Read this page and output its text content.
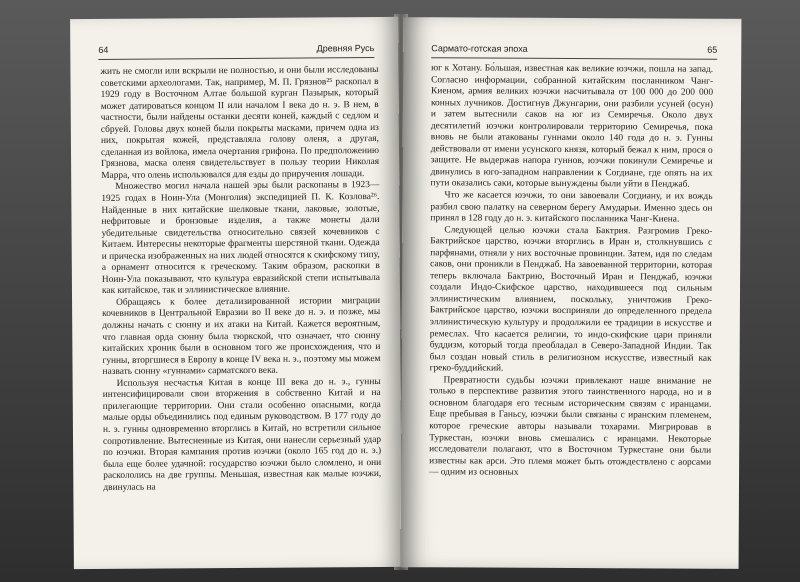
64	Древняя Русь

жить не смогли или вскрыли не полностью, и они были исследованы советскими археологами. Так, например, М. П. Грязнов²⁵ раскопал в 1929 году в Восточном Алтае большой курган Пазырык, который может датироваться концом II или началом I века до н. э. В нем, в частности, были найдены останки десяти коней, каждый с седлом и сбруей. Головы двух коней были покрыты масками, причем одна из них, покрытая кожей, представляла голову оленя, а другая, сделанная из войлока, имела очертания грифона. По предположению Грязнова, маска оленя свидетельствует в пользу теории Николая Марра, что олень использовался для езды до приручения лошади.

Множество могил начала нашей эры были раскопаны в 1923—1925 годах в Ноин-Ула (Монголия) экспедицией П. К. Козлова²⁶. Найденные в них китайские шелковые ткани, лаковые, золотые, нефритовые и бронзовые изделия, а также монеты дали убедительные свидетельства относительно связей кочевников с Китаем. Интересны некоторые фрагменты шерстяной ткани. Одежда и прическа изображенных на них людей относятся к скифскому типу, а орнамент относится к греческому. Таким образом, раскопки в Ноин-Ула показывают, что культура евразийской степи испытывала как китайское, так и эллинистическое влияние.

Обращаясь к более детализированной истории миграции кочевников в Центральной Евразии во II веке до н. э. и позже, мы должны начать с сюнну и их атаки на Китай. Кажется вероятным, что главная орда сюнну была тюркской, что означает, что сюнну китайских хроник были в основном того же происхождения, что и гунны, вторгшиеся в Европу в конце IV века н. э., поэтому мы можем назвать сюнну «гуннами» сарматского века.

Используя несчастья Китая в конце III века до н. э., гунны интенсифицировали свои вторжения в собственно Китай и на прилегающие территории. Они стали особенно опасными, когда малые орды объединились под единым руководством. В 177 году до н. э. гунны одновременно вторглись в Китай, но встретили сильное сопротивление. Вытесненные из Китая, они нанесли серьезный удар по юэчжи. Вторая кампания против юэчжи (около 165 год до н. э.) была еще более удачной: государство юэчжи было сломлено, и они раскололись на две группы. Меньшая, известная как малые юэчжи, двинулась на

Сармато-готская эпоха	65

юг к Хотану. Бо́льшая, известная как великие юэчжи, пошла на запад. Согласно информации, собранной китайским посланником Чанг-Киеном, армия великих юэчжи насчитывала от 100 000 до 200 000 конных лучников. Достигнув Джунгарии, они разбили усуней (осун) и затем вытеснили саков на юг из Семиречья. Около двух десятилетий юэчжи контролировали территорию Семиречья, пока вновь не были атакованы гуннами около 140 года до н. э. Гунны действовали от имени усунского князя, который бежал к ним, прося о защите. Не выдержав напора гуннов, юэчжи покинули Семиречье и двинулись в юго-западном направлении к Согдиане, где опять на их пути оказались саки, которые вынуждены были уйти в Пенджаб.

Что же касается юэчжи, то они завоевали Согдиану, и их вождь разбил свою палатку на северном берегу Амударьи. Именно здесь он принял в 128 году до н. э. китайского посланника Чанг-Киена.

Следующей целью юэчжи стала Бактрия. Разгромив Греко-Бактрийское царство, юэчжи вторглись в Иран и, столкнувшись с парфянами, отняли у них восточные провинции. Затем, идя по следам саков, они проникли в Пенджаб. На завоеванной территории, которая теперь включала Бактрию, Восточный Иран и Пенджаб, юэчжи создали Индо-Скифское царство, находившееся под сильным эллинистическим влиянием, поскольку, уничтожив Греко-Бактрийское царство, юэчжи восприняли до определенного предела эллинистическую культуру и продолжили ее традиции в искусстве и ремеслах. Что касается религии, то индо-скифские цари приняли буддизм, который тогда преобладал в Северо-Западной Индии. Так был создан новый стиль в религиозном искусстве, известный как греко-буддийский.

Превратности судьбы юэчжи привлекают наше внимание не только в перспективе развития этого таинственного народа, но и в основном благодаря его тесным историческим связям с иранцами. Еще пребывая в Ганьсу, юэчжи были связаны с иранским племенем, которое греческие авторы называли тохарами. Мигрировав в Туркестан, юэчжи вновь смешались с иранцами. Некоторые исследователи полагают, что в Восточном Туркестане они были известны как арси. Это племя может быть отождествлено с аорсами — одним из основных
